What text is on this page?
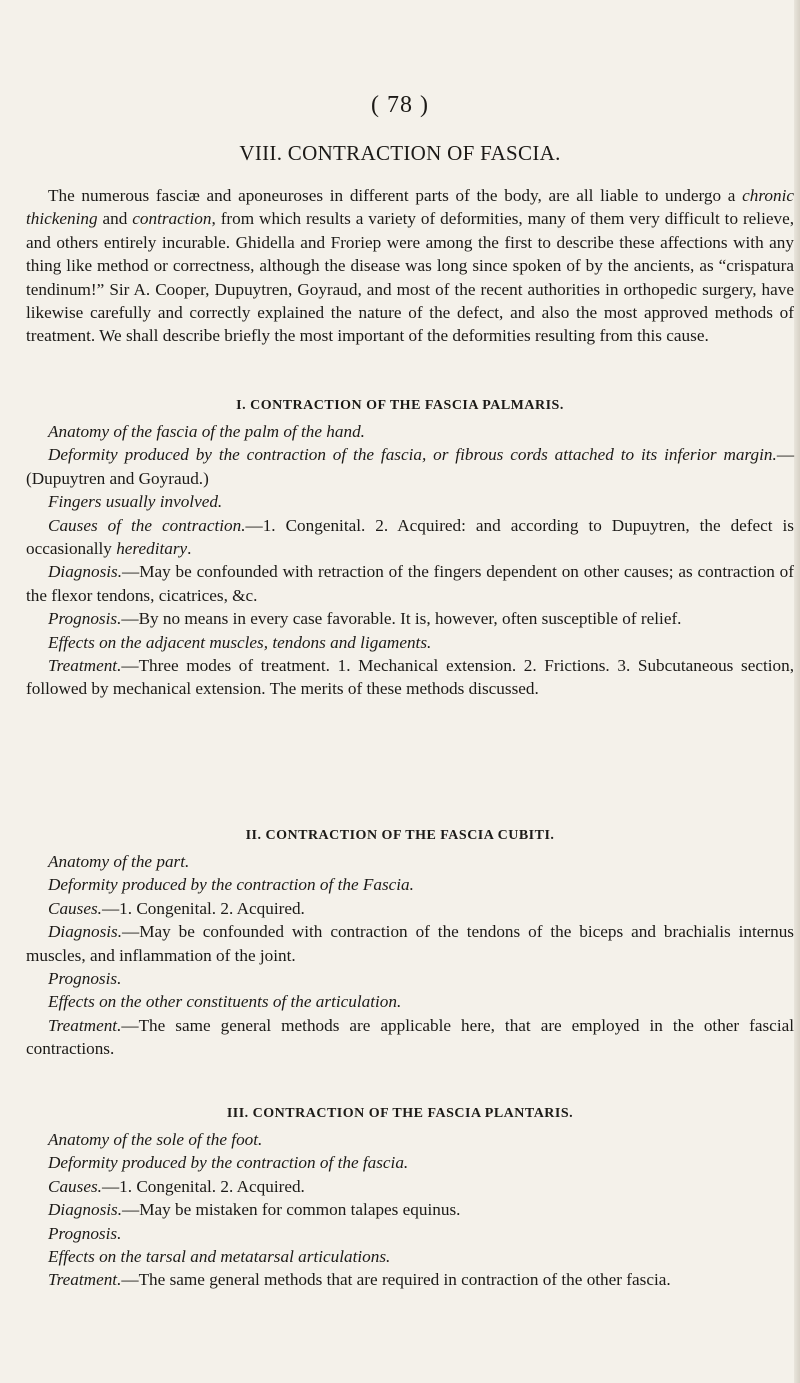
( 78 )
VIII. CONTRACTION OF FASCIA.

The numerous fasciæ and aponeuroses in different parts of the body, are all liable to undergo a chronic thickening and contraction, from which results a variety of deformities, many of them very difficult to relieve, and others entirely incurable. Ghidella and Froriep were among the first to describe these affections with any thing like method or correctness, although the disease was long since spoken of by the ancients, as “crispatura tendinum!” Sir A. Cooper, Dupuytren, Goyraud, and most of the recent authorities in orthopedic surgery, have likewise carefully and correctly explained the nature of the defect, and also the most approved methods of treatment. We shall describe briefly the most important of the deformities resulting from this cause.

I. CONTRACTION OF THE FASCIA PALMARIS.

Anatomy of the fascia of the palm of the hand.

Deformity produced by the contraction of the fascia, or fibrous cords attached to its inferior margin.—(Dupuytren and Goyraud.)

Fingers usually involved.

Causes of the contraction.—1. Congenital. 2. Acquired: and according to Dupuytren, the defect is occasionally hereditary.

Diagnosis.—May be confounded with retraction of the fingers dependent on other causes; as contraction of the flexor tendons, cicatrices, &c.

Prognosis.—By no means in every case favorable. It is, however, often susceptible of relief.

Effects on the adjacent muscles, tendons and ligaments.

Treatment.—Three modes of treatment. 1. Mechanical extension. 2. Frictions. 3. Subcutaneous section, followed by mechanical extension. The merits of these methods discussed.

II. CONTRACTION OF THE FASCIA CUBITI.

Anatomy of the part.

Deformity produced by the contraction of the Fascia.

Causes.—1. Congenital. 2. Acquired.

Diagnosis.—May be confounded with contraction of the tendons of the biceps and brachialis internus muscles, and inflammation of the joint.

Prognosis.

Effects on the other constituents of the articulation.

Treatment.—The same general methods are applicable here, that are employed in the other fascial contractions.

III. CONTRACTION OF THE FASCIA PLANTARIS.

Anatomy of the sole of the foot.

Deformity produced by the contraction of the fascia.

Causes.—1. Congenital. 2. Acquired.

Diagnosis.—May be mistaken for common talapes equinus.

Prognosis.

Effects on the tarsal and metatarsal articulations.

Treatment.—The same general methods that are required in contraction of the other fascia.
